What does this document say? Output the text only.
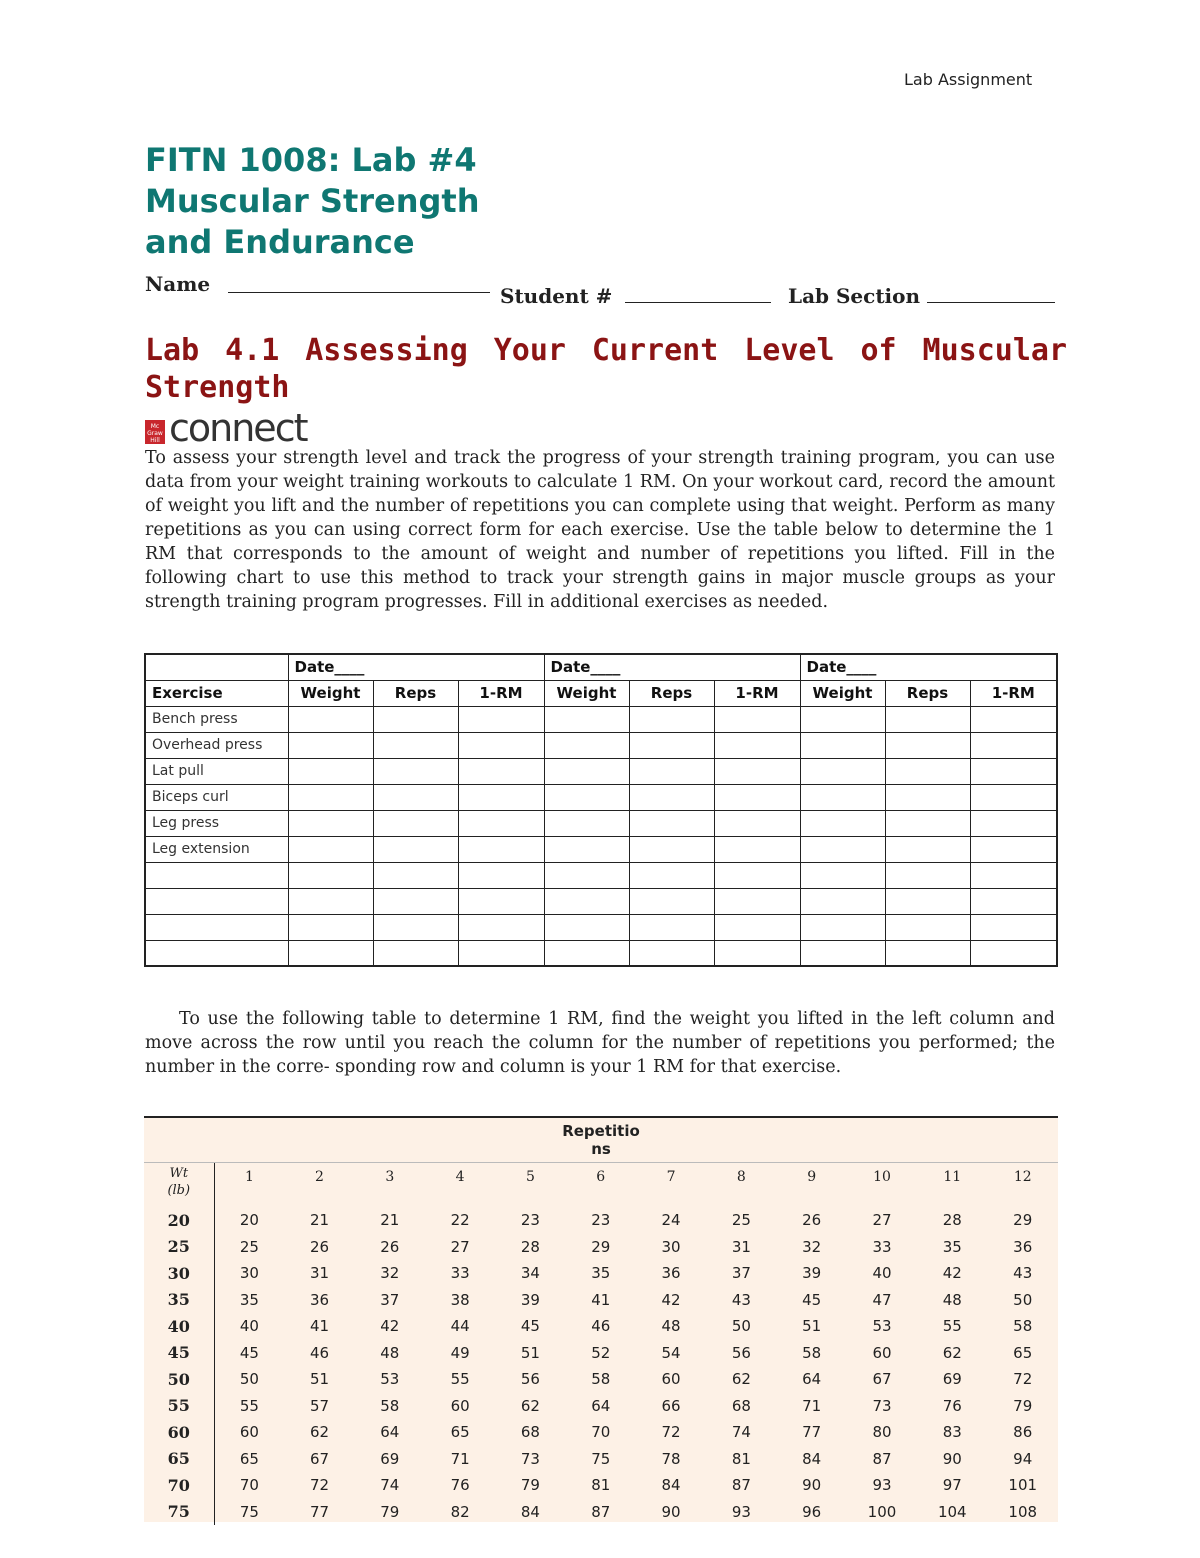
Lab Assignment
FITN 1008: Lab #4
Muscular Strength
and Endurance
Name	Student #	Lab Section
Lab 4.1 Assessing Your Current Level of Muscular Strength
Mc Graw Hill connect

To assess your strength level and track the progress of your strength training program, you can use data from your weight training workouts to calculate 1 RM. On your workout card, record the amount of weight you lift and the number of repetitions you can complete using that weight. Perform as many repetitions as you can using correct form for each exercise. Use the table below to determine the 1 RM that corresponds to the amount of weight and number of repetitions you lifted. Fill in the following chart to use this method to track your strength gains in major muscle groups as your strength training program progresses. Fill in additional exercises as needed.

	Date____			Date____			Date____		
Exercise	Weight	Reps	1-RM	Weight	Reps	1-RM	Weight	Reps	1-RM
Bench press									
Overhead press									
Lat pull									
Biceps curl									
Leg press									
Leg extension									

To use the following table to determine 1 RM, find the weight you lifted in the left column and move across the row until you reach the column for the number of repetitions you performed; the number in the corre- sponding row and column is your 1 RM for that exercise.

Repetitio
ns												

Wt
(lb)	1	2	3	4	5	6	7	8	9	10	11	12
20	20	21	21	22	23	23	24	25	26	27	28	29
25	25	26	26	27	28	29	30	31	32	33	35	36
30	30	31	32	33	34	35	36	37	39	40	42	43
35	35	36	37	38	39	41	42	43	45	47	48	50
40	40	41	42	44	45	46	48	50	51	53	55	58
45	45	46	48	49	51	52	54	56	58	60	62	65
50	50	51	53	55	56	58	60	62	64	67	69	72
55	55	57	58	60	62	64	66	68	71	73	76	79
60	60	62	64	65	68	70	72	74	77	80	83	86
65	65	67	69	71	73	75	78	81	84	87	90	94
70	70	72	74	76	79	81	84	87	90	93	97	101
75	75	77	79	82	84	87	90	93	96	100	104	108
